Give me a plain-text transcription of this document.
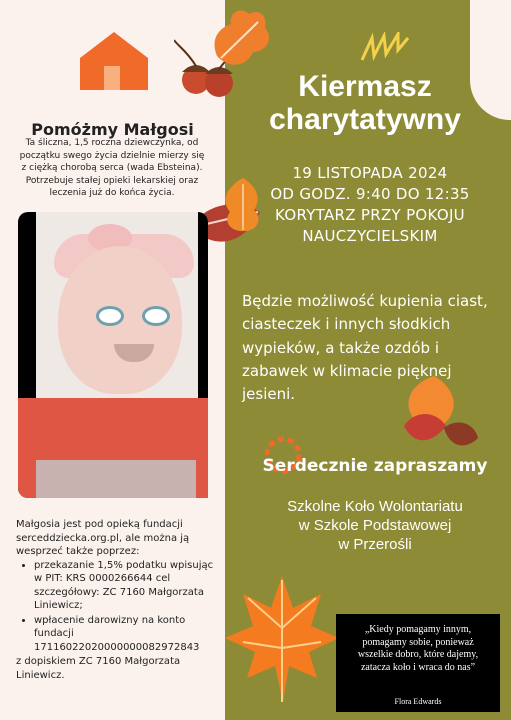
Pomóżmy Małgosi
Ta śliczna, 1,5 roczna dziewczynka, od początku swego życia dzielnie mierzy się z ciężką chorobą serca (wada Ebsteina). Potrzebuje stałej opieki lekarskiej oraz leczenia już do końca życia.
Kiermasz
charytatywny
19 LISTOPADA 2024
OD GODZ. 9:40 DO 12:35
KORYTARZ PRZY POKOJU
NAUCZYCIELSKIM
Będzie możliwość kupienia ciast, ciasteczek i innych słodkich wypieków, a także ozdób i zabawek w klimacie pięknej jesieni.
Serdecznie zapraszamy
Szkolne Koło Wolontariatu
w Szkole Podstawowej
w Przerośli
Małgosia jest pod opieką fundacji serceddziecka.org.pl, ale można ją wesprzeć także poprzez:
• przekazanie 1,5% podatku wpisując w PIT: KRS 0000266644 cel szczegółowy: ZC 7160 Małgorzata Liniewicz;
• wpłacenie darowizny na konto fundacji 17116022020000000082972843
z dopiskiem ZC 7160 Małgorzata Liniewicz.
„Kiedy pomagamy innym, pomagamy sobie, ponieważ wszelkie dobro, które dajemy, zatacza koło i wraca do nas”
Flora Edwards
